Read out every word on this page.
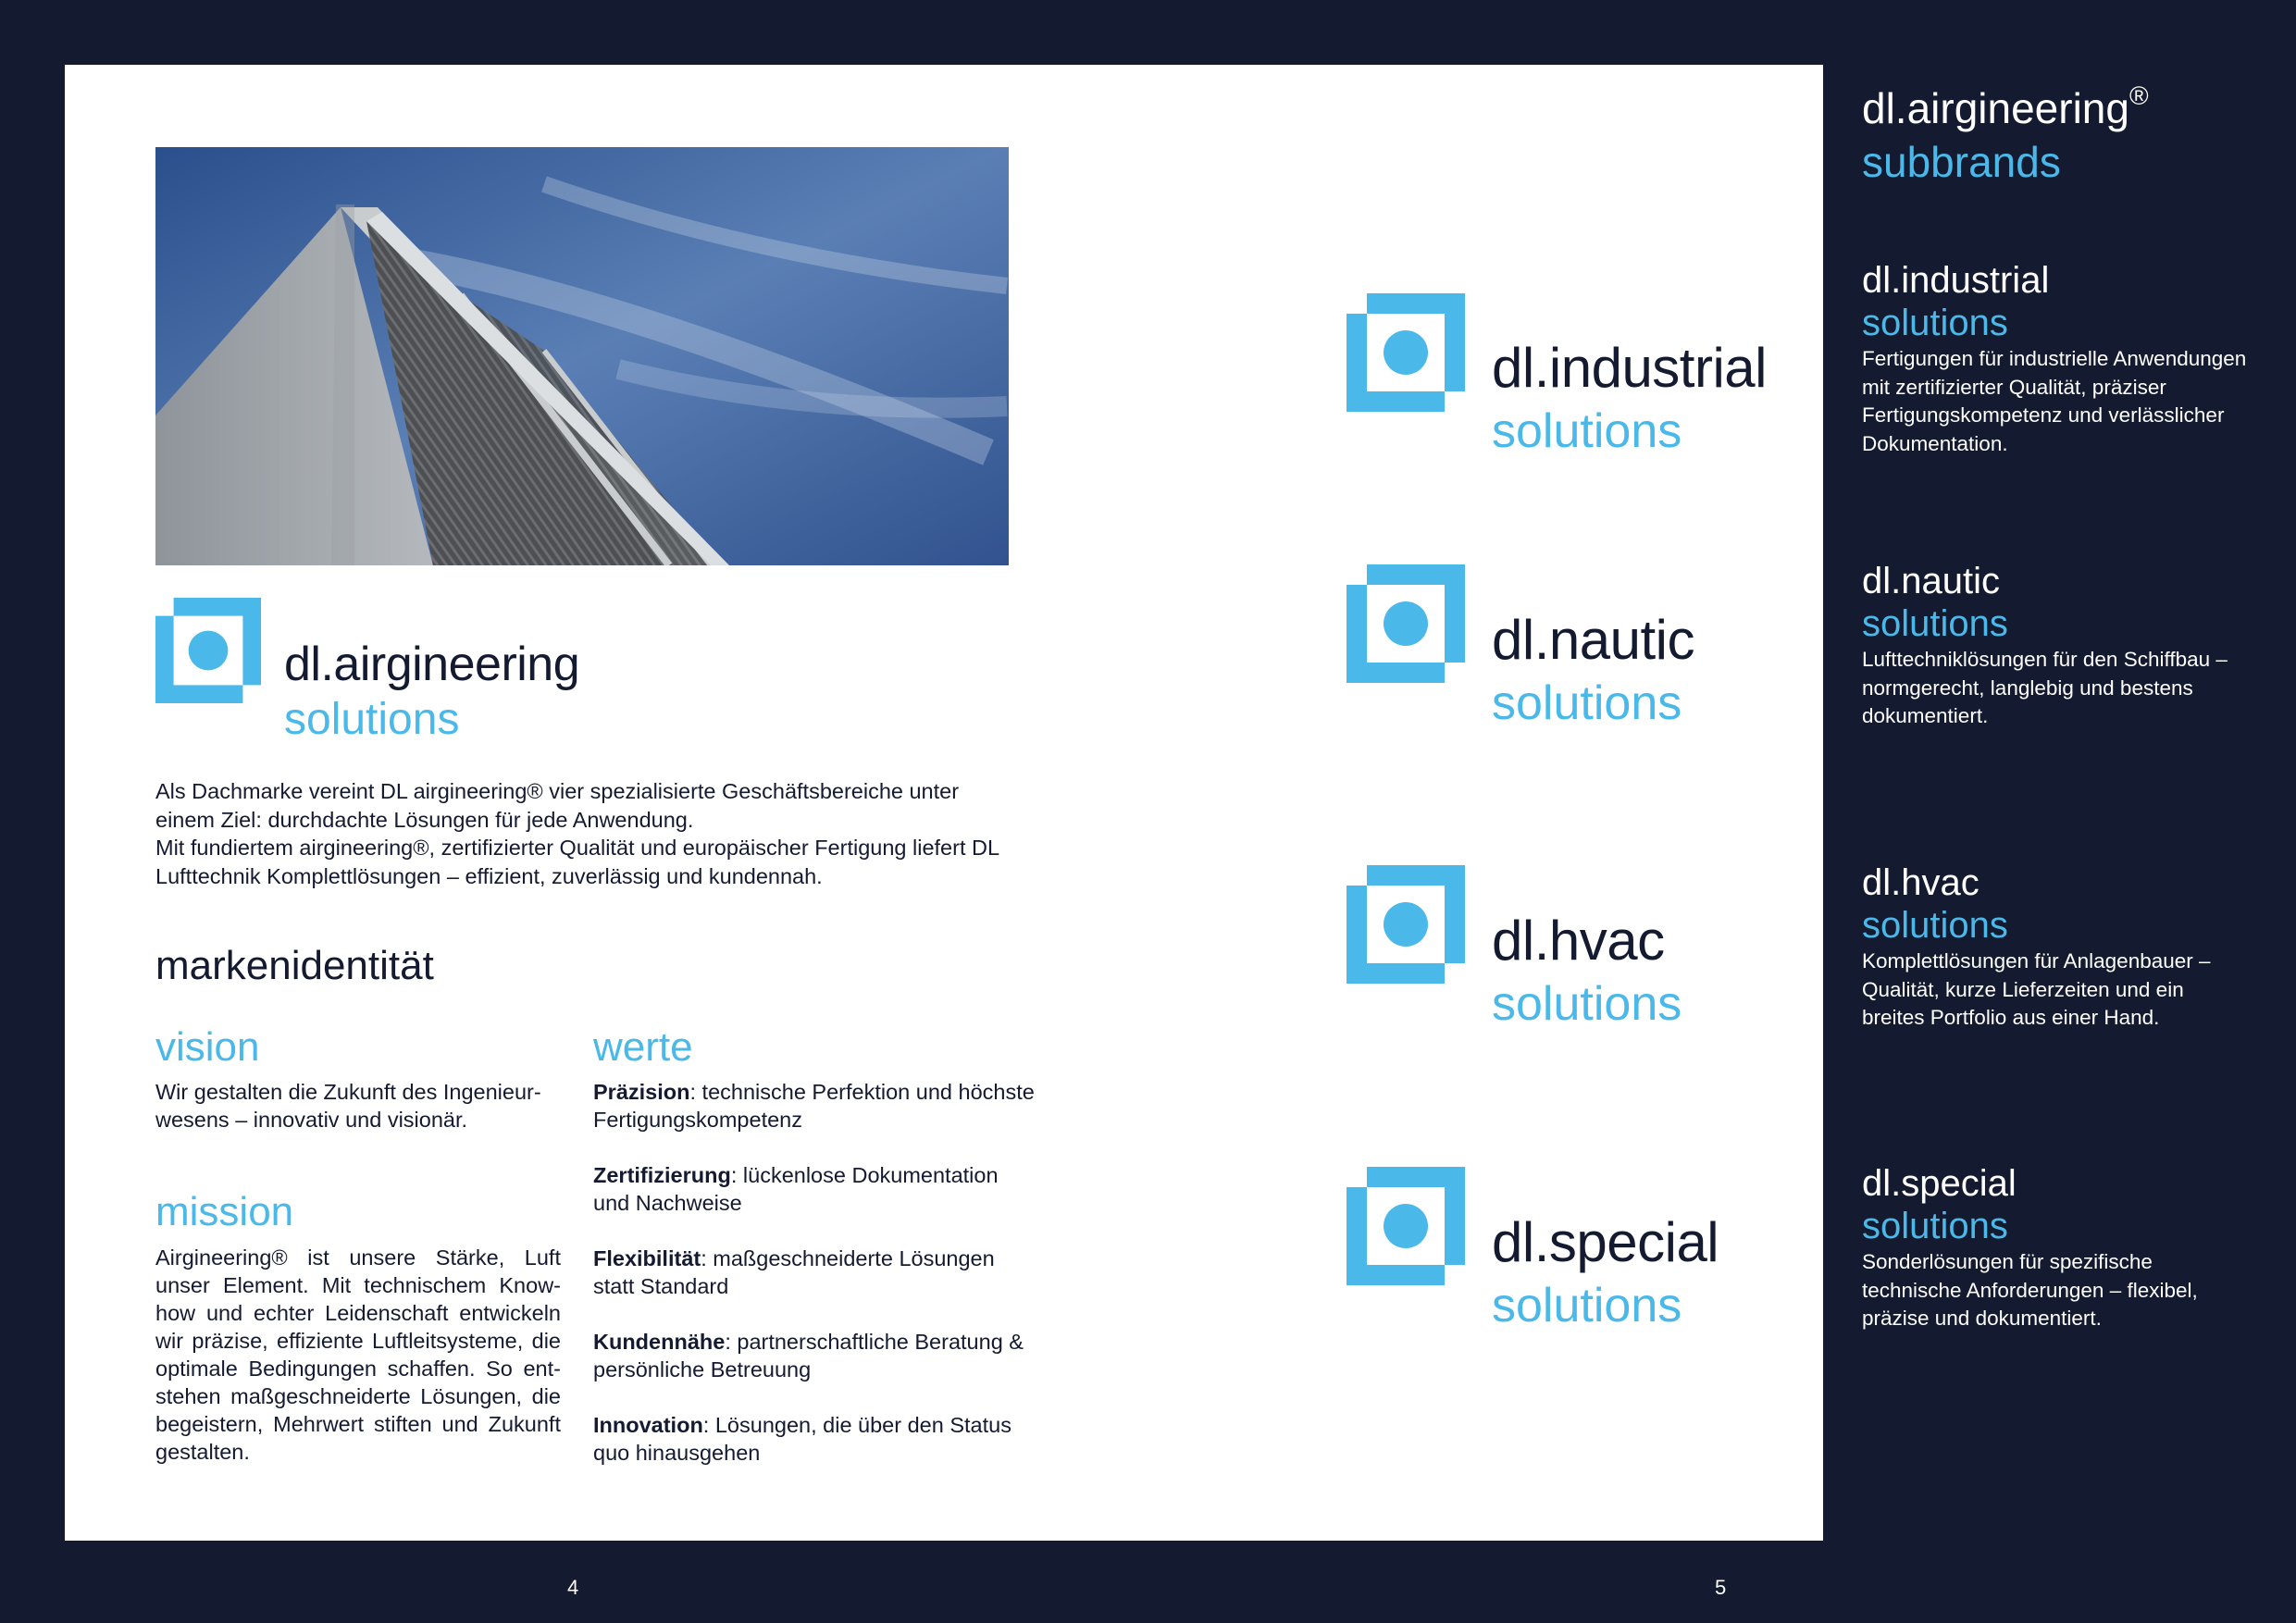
dl.airgineering
solutions

Als Dachmarke vereint DL airgineering® vier spezialisierte Geschäftsbereiche unter einem Ziel: durchdachte Lösungen für jede Anwendung.

Mit fundiertem airgineering®, zertifizierter Qualität und europäischer Fertigung liefert DL Lufttechnik Komplettlösungen – effizient, zuverlässig und kundennah.

markenidentität
vision
Wir gestalten die Zukunft des Ingenieurwesens – innovativ und visionär.
mission
Airgineering® ist unsere Stärke, Luft unser Element. Mit technischem Know-how und echter Leidenschaft entwickeln wir präzise, effiziente Luftleitsysteme, die optimale Bedingungen schaffen. So entstehen maßgeschneiderte Lösungen, die begeistern, Mehrwert stiften und Zukunft gestalten.
werte

Präzision: technische Perfektion und höchste Fertigungskompetenz

Zertifizierung: lückenlose Dokumentation und Nachweise

Flexibilität: maßgeschneiderte Lösungen statt Standard

Kundennähe: partnerschaftliche Beratung & persönliche Betreuung

Innovation: Lösungen, die über den Status quo hinausgehen

dl.industrial
solutions
dl.nautic
solutions
dl.hvac
solutions
dl.special
solutions
4	5
dl.airgineering®
subbrands
dl.industrial
solutions
Fertigungen für industrielle Anwendungen mit zertifizierter Qualität, präziser Fertigungskompetenz und verlässlicher Dokumentation.
dl.nautic
solutions
Lufttechniklösungen für den Schiffbau – normgerecht, langlebig und bestens dokumentiert.
dl.hvac
solutions
Komplettlösungen für Anlagenbauer – Qualität, kurze Lieferzeiten und ein breites Portfolio aus einer Hand.
dl.special
solutions
Sonderlösungen für spezifische technische Anforderungen – flexibel, präzise und dokumentiert.
